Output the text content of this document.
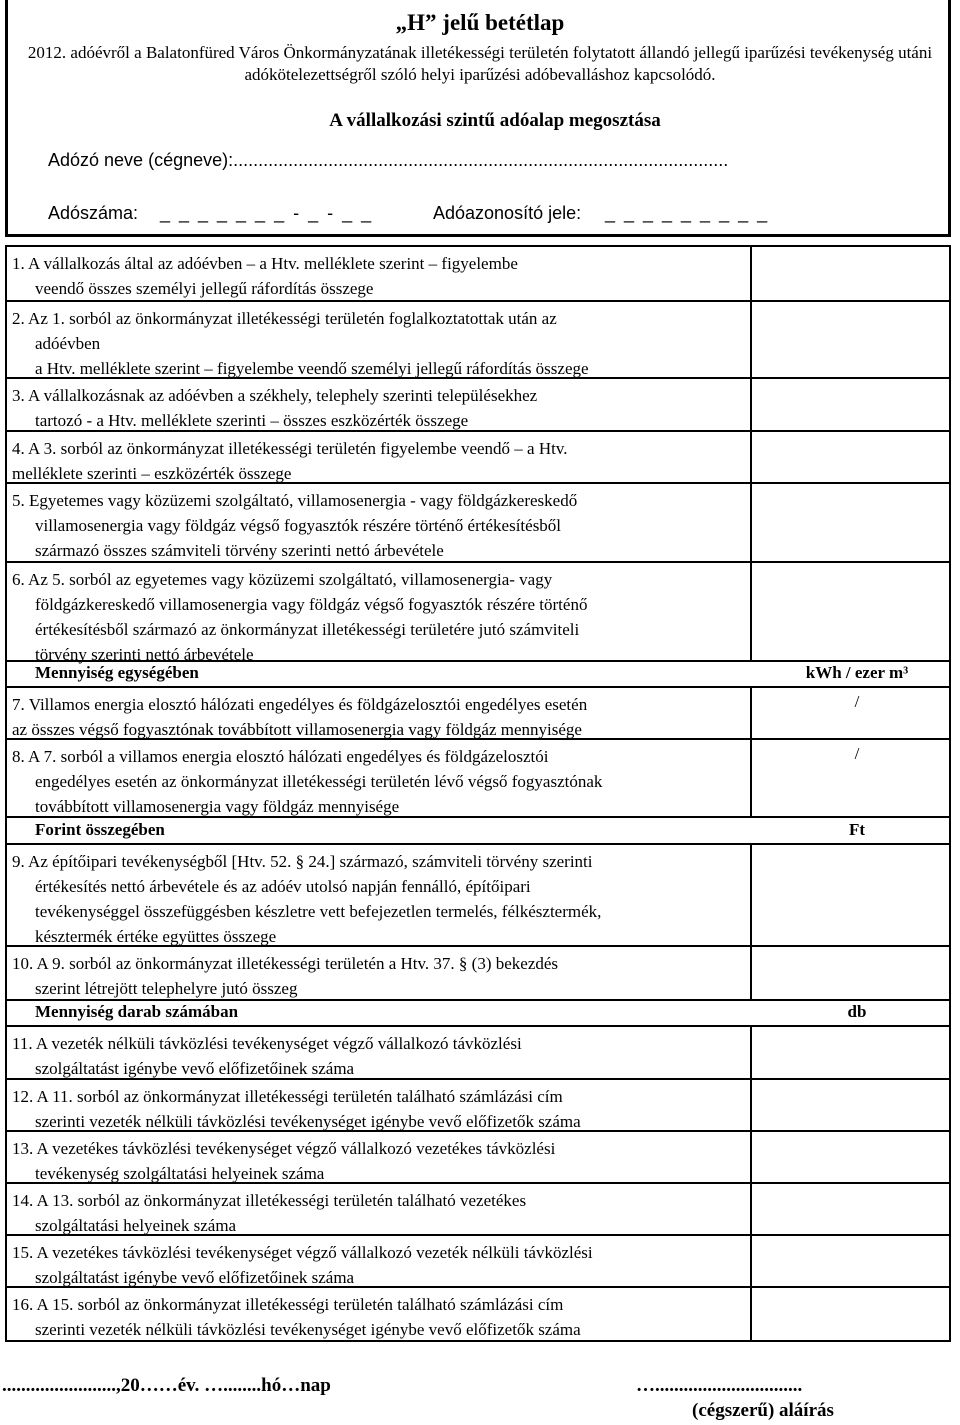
„H” jelű betétlap
2012. adóévről a Balatonfüred Város Önkormányzatának illetékességi területén folytatott állandó jellegű iparűzési tevékenység utáni adókötelezettségről szóló helyi iparűzési adóbevalláshoz kapcsolódó.
A vállalkozási szintű adóalap megosztása
Adózó neve (cégneve):...................................................................................................
Adószáma: _ _ _ _ _ _ _ - _ - _ _	Adóazonosító jele: _ _ _ _ _ _ _ _ _
1. A vállalkozás által az adóévben – a Htv. melléklete szerint – figyelembe
veendő összes személyi jellegű ráfordítás összege
2. Az 1. sorból az önkormányzat illetékességi területén foglalkoztatottak után az
adóévben
a Htv. melléklete szerint – figyelembe veendő személyi jellegű ráfordítás összege
3. A vállalkozásnak az adóévben a székhely, telephely szerinti településekhez
tartozó - a Htv. melléklete szerinti – összes eszközérték összege
4. A 3. sorból az önkormányzat illetékességi területén figyelembe veendő – a Htv.
melléklete szerinti – eszközérték összege
5. Egyetemes vagy közüzemi szolgáltató, villamosenergia - vagy földgázkereskedő
villamosenergia vagy földgáz végső fogyasztók részére történő értékesítésből
származó összes számviteli törvény szerinti nettó árbevétele
6. Az 5. sorból az egyetemes vagy közüzemi szolgáltató, villamosenergia- vagy
földgázkereskedő villamosenergia vagy földgáz végső fogyasztók részére történő
értékesítésből származó az önkormányzat illetékességi területére jutó számviteli
törvény szerinti nettó árbevétele
Mennyiség egységében	kWh / ezer m³
7. Villamos energia elosztó hálózati engedélyes és földgázelosztói engedélyes esetén
az összes végső fogyasztónak továbbított villamosenergia vagy földgáz mennyisége
/
8. A 7. sorból a villamos energia elosztó hálózati engedélyes és földgázelosztói
engedélyes esetén az önkormányzat illetékességi területén lévő végső fogyasztónak
továbbított villamosenergia vagy földgáz mennyisége
/
Forint összegében	Ft
9. Az építőipari tevékenységből [Htv. 52. § 24.] származó, számviteli törvény szerinti
értékesítés nettó árbevétele és az adóév utolsó napján fennálló, építőipari
tevékenységgel összefüggésben készletre vett befejezetlen termelés, félkésztermék,
késztermék értéke együttes összege
10. A 9. sorból az önkormányzat illetékességi területén a Htv. 37. § (3) bekezdés
szerint létrejött telephelyre jutó összeg
Mennyiség darab számában	db
11. A vezeték nélküli távközlési tevékenységet végző vállalkozó távközlési
szolgáltatást igénybe vevő előfizetőinek száma
12. A 11. sorból az önkormányzat illetékességi területén található számlázási cím
szerinti vezeték nélküli távközlési tevékenységet igénybe vevő előfizetők száma
13. A vezetékes távközlési tevékenységet végző vállalkozó vezetékes távközlési
tevékenység szolgáltatási helyeinek száma
14. A 13. sorból az önkormányzat illetékességi területén található vezetékes
szolgáltatási helyeinek száma
15. A vezetékes távközlési tevékenységet végző vállalkozó vezeték nélküli távközlési
szolgáltatást igénybe vevő előfizetőinek száma
16. A 15. sorból az önkormányzat illetékességi területén található számlázási cím
szerinti vezeték nélküli távközlési tevékenységet igénybe vevő előfizetők száma
........................,20……év. …........hó…nap	…...............................
(cégszerű) aláírás
